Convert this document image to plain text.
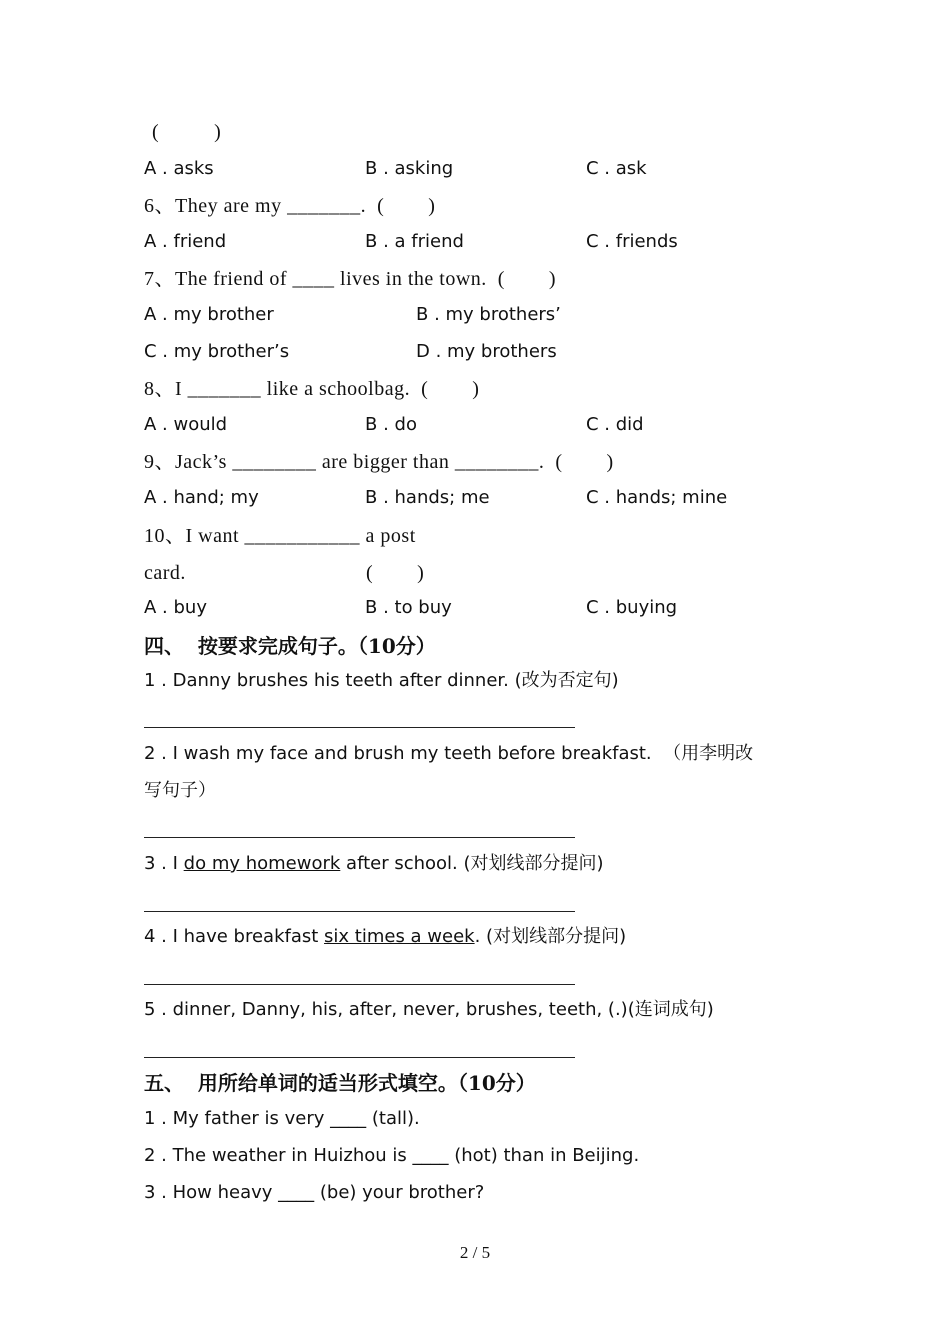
(          )
A . asks	B . asking	C . ask
6、They are my _______.  (        )
A . friend	B . a friend	C . friends
7、The friend of ____ lives in the town.  (        )
A . my brother	B . my brothers’
C . my brother’s	D . my brothers
8、I _______ like a schoolbag.  (        )
A . would	B . do	C . did
9、Jack’s ________ are bigger than ________.  (        )
A . hand; my	B . hands; me	C . hands; mine
10、I want ___________ a post
card.	(        )
A . buy	B . to buy	C . buying
四、  按要求完成句子。（10分）
1 . Danny brushes his teeth after dinner. (改为否定句)
2 . I wash my face and brush my teeth before breakfast.  （用李明改
写句子）
3 . I do my homework after school. (对划线部分提问)
4 . I have breakfast six times a week. (对划线部分提问)
5 . dinner, Danny, his, after, never, brushes, teeth, (.)(连词成句)
五、  用所给单词的适当形式填空。（10分）
1 . My father is very ____ (tall).
2 . The weather in Huizhou is ____ (hot) than in Beijing.
3 . How heavy ____ (be) your brother?
2 / 5
